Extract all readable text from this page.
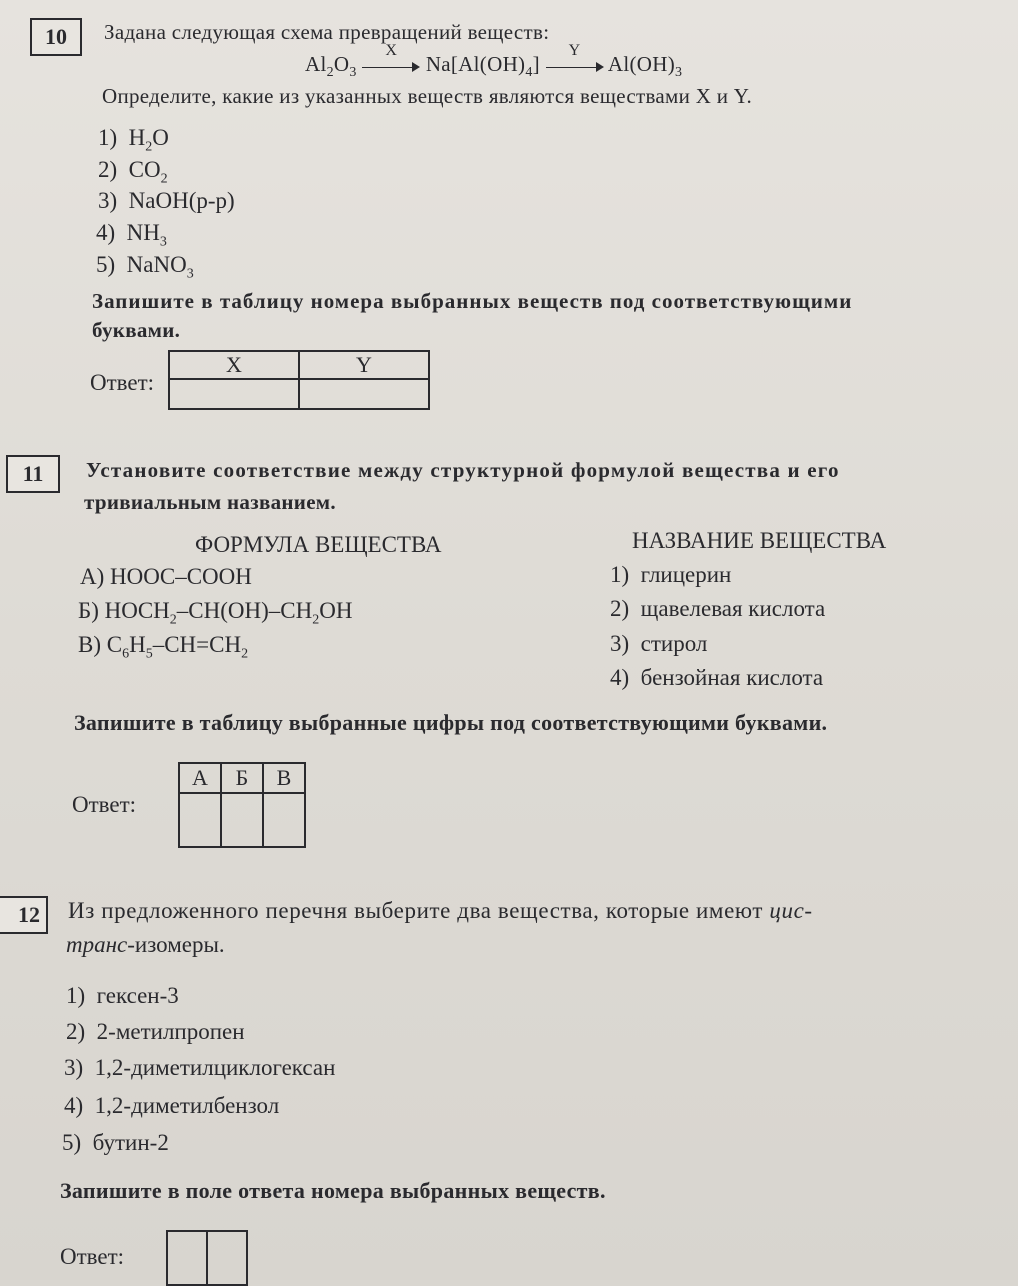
10	Задана следующая схема превращений веществ:
$Al_2O_3$
X
$Na[Al(OH)_4]$
Y
$Al(OH)_3$
Определите, какие из указанных веществ являются веществами X и Y.
1) $H_2O$
2) $CO_2$
3) NaOH(р-р)
4) $NH_3$
5) NaNO$_3$
Запишите в таблицу номера выбранных веществ под соответствующими
буквами.
Ответ:
X	Y

11	Установите соответствие между структурной формулой вещества и его
тривиальным названием.
ФОРМУЛА ВЕЩЕСТВА	НАЗВАНИЕ ВЕЩЕСТВА
А) HOOC–COOH
Б) $HOCH_2-CH(OH)-CH_2OH$
В) $C_6H_5-CH=CH_2$
1) глицерин
2) щавелевая кислота
3) стирол
4) бензойная кислота
Запишите в таблицу выбранные цифры под соответствующими буквами.
Ответ:
А	Б	В

12	Из предложенного перечня выберите два вещества, которые имеют цис-
транс-изомеры.
1) гексен-3
2) 2-метилпропен
3) 1,2-диметилциклогексан
4) 1,2-диметилбензол
5) бутин-2
Запишите в поле ответа номера выбранных веществ.
Ответ:
